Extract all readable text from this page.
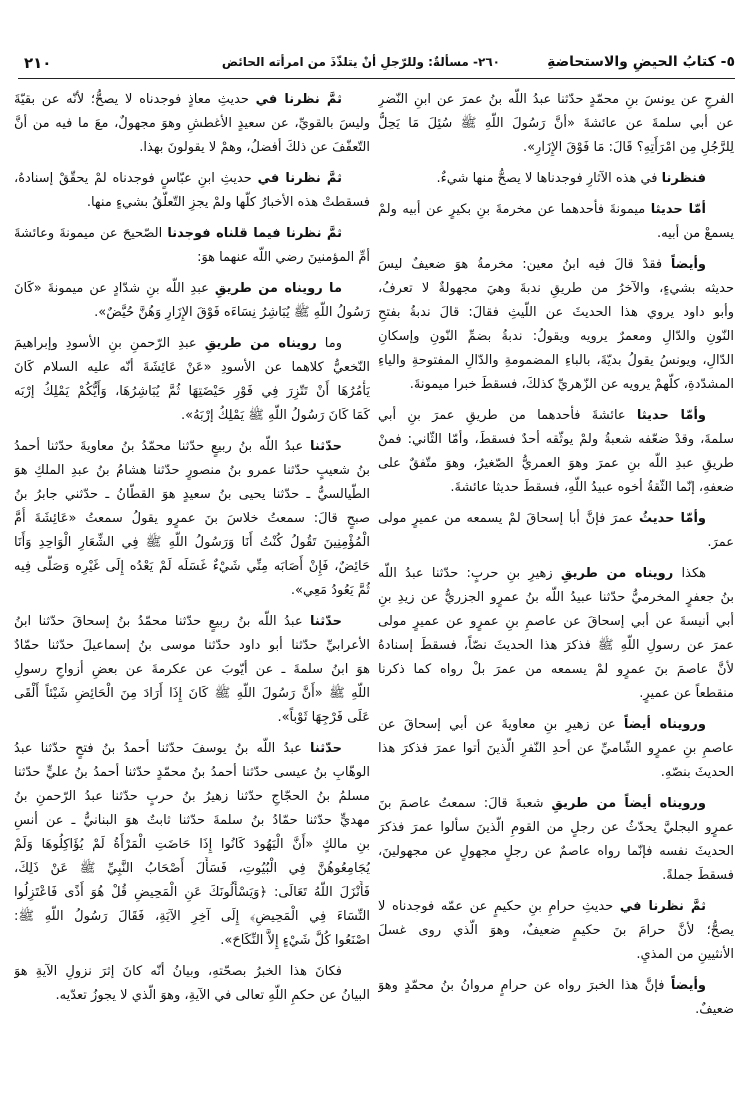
٥- كتابُ الحيضِ والاستحاضةِ
٢٦٠- مسألةٌ: وللرّجلِ أنْ يتلذّذَ من امرأته الحائض
٢١٠
الفرجِ عن يونسَ بنِ محمّدٍ حدّثنا عبدُ اللّه بنُ عمرَ عن ابنِ النّضرِ
عن أبي سلمةَ عن عائشةَ «أنَّ رَسُولَ اللّهِ ﷺ سُئِلَ مَا يَحِلُّ
لِلرَّجُلِ مِن امْرَأَتِهِ؟ قَالَ: مَا فَوْقَ الإِزَارِ».
فنظرنا في هذه الآثارِ فوجدناها لا يصحُّ منها شيءٌ.
أمّا حديثا ميمونةَ فأحدهما عن مخرمةَ بنِ بكيرٍ عن أبيه ولمْ
يسمعْ من أبيه.
وأيضاً فقدْ قالَ فيه ابنُ معين: مخرمةُ هوَ ضعيفٌ ليسَ
حديثه بشيءٍ، والآخرُ من طريقِ ندبةَ وهيَ مجهولةٌ لا تعرفُ،
وأبو داود يروي هذا الحديثَ عن اللّيثِ فقالَ: قالَ ندبةُ بفتحِ
النّونِ والدّالِ ومعمرٌ يرويه ويقولُ: ندبةُ بضمِّ النّونِ وإسكانِ
الدّالِ، ويونسُ يقولُ بديّةَ، بالباءِ المضمومةِ والدّالِ المفتوحةِ والياءِ
المشدّدةِ، كلّهمْ يرويه عن الزّهريِّ كذلكَ، فسقطَ خبرا ميمونةَ.
وأمّا حديثا عائشةَ فأحدهما من طريقِ عمرَ بنِ أبي
سلمةَ، وقدْ ضعّفه شعبةُ ولمْ يوثّقه أحدٌ فسقطَ، وأمّا الثّاني: فمنْ
طريقِ عبدِ اللّه بنِ عمرَ وهوَ العمريُّ الصّغيرُ، وهوَ متّفقٌ على
ضعفهِ، إنّما الثّقةُ أخوه عبيدُ اللّهِ، فسقطَ حديثا عائشةَ.
وأمّا حديثُ عمرَ فإنَّ أبا إسحاقَ لمْ يسمعه من عميرٍ مولى
عمرَ.
هكذا رويناه من طريقِ زهيرِ بنِ حربٍ: حدّثنا عبدُ اللّه
بنُ جعفرٍ المخرميُّ حدّثنا عبيدُ اللّه بنُ عمرٍو الجزريُّ عن زيدِ بنِ
أبي أنيسةَ عن أبي إسحاقَ عن عاصمِ بنِ عمرٍو عن عميرٍ مولى
عمرَ عن رسولِ اللّهِ ﷺ فذكرَ هذا الحديثَ نصّاً، فسقطَ إسنادهُ
لأنَّ عاصمَ بنَ عمرٍو لمْ يسمعه من عمرَ بلْ رواه كما ذكرنا
منقطعاً عن عميرٍ.
ورويناه أيضاً عن زهيرِ بنِ معاويةَ عن أبي إسحاقَ عن
عاصمِ بنِ عمرٍو الشّاميِّ عن أحدِ النّفرِ الّذينَ أتوا عمرَ فذكرَ هذا
الحديثَ بنصّهِ.
ورويناه أيضاً من طريقِ شعبةَ قالَ: سمعتُ عاصمَ بنَ
عمرٍو البجليَّ يحدّثُ عن رجلٍ من القومِ الّذينَ سألوا عمرَ فذكرَ
الحديثَ نفسه فإنّما رواه عاصمٌ عن رجلٍ مجهولٍ عن مجهولينَ،
فسقطَ جملةً.
ثمَّ نظرنا في حديثِ حرامِ بنِ حكيمٍ عن عمّه فوجدناه لا
يصحُّ؛ لأنَّ حرامَ بنَ حكيمٍ ضعيفٌ، وهوَ الّذي روى غسلَ
الأنثيينِ من المذيِ.
وأيضاً فإنَّ هذا الخبرَ رواه عن حرامٍ مروانُ بنُ محمّدٍ وهوَ
ضعيفٌ.
ثمَّ نظرنا في حديثِ معاذٍ فوجدناه لا يصحُّ؛ لأنّه عن بقيّةَ
وليسَ بالقويِّ، عن سعيدٍ الأغطشِ وهوَ مجهولٌ، معَ ما فيه من أنَّ
التّعفّفَ عن ذلكَ أفضلُ، وهمْ لا يقولونَ بهذا.
ثمَّ نظرنا في حديثِ ابنِ عبّاسٍ فوجدناه لمْ يحقّقْ إسنادهُ،
فسقطتْ هذه الأخبارُ كلّها ولمْ يجزِ التّعلّقُ بشيءٍ منها.
ثمَّ نظرنا فيما قلناه فوجدنا الصّحيحَ عن ميمونةَ وعائشةَ
أمِّ المؤمنينَ رضي اللّه عنهما هوَ:
ما رويناه من طريقِ عبدِ اللّه بنِ شدّادٍ عن ميمونةَ «كَانَ
رَسُولُ اللّهِ ﷺ يُبَاشِرُ نِسَاءَه فَوْقَ الإِزَارِ وَهُنَّ حُيَّضٌ».
وما رويناه من طريقِ عبدِ الرّحمنِ بنِ الأسودِ وإبراهيمَ
النّخعيُّ كلاهما عن الأسودِ «عَنْ عَائِشَةَ أنّه عليه السلام كَانَ
يَأْمُرُهَا أَنْ تَتّزِرَ فِي فَوْرِ حَيْضَتِهَا ثُمَّ يُبَاشِرُهَا، وَأَيُّكُمْ يَمْلِكُ إرْبَه
كَمَا كَانَ رَسُولُ اللّهِ ﷺ يَمْلِكُ إرْبَهُ».
حدّثنا عبدُ اللّه بنُ ربيعٍ حدّثنا محمّدُ بنُ معاويةَ حدّثنا أحمدُ
بنُ شعيبٍ حدّثنا عمرو بنُ منصورٍ حدّثنا هشامُ بنُ عبدِ الملكِ هوَ
الطّيالسيُّ ـ حدّثنا يحيى بنُ سعيدٍ هوَ القطّانُ ـ حدّثني جابرُ بنُ
صبحٍ قالَ: سمعتُ خلاسَ بنَ عمرٍو يقولُ سمعتُ «عَائِشَةَ أُمَّ
الْمُؤْمِنِينَ تَقُولُ كُنْتُ أَنَا وَرَسُولُ اللّهِ ﷺ فِي الشِّعَارِ الْوَاحِدِ وَأَنَا
حَائِضٌ، فَإِنْ أَصَابَه مِنِّي شَيْءٌ غَسَلَه لَمْ يَعْدُه إِلَى غَيْرِه وَصَلَّى فِيه
ثُمَّ يَعُودُ مَعِي».
حدّثنا عبدُ اللّه بنُ ربيعٍ حدّثنا محمّدُ بنُ إسحاقَ حدّثنا ابنُ
الأعرابيِّ حدّثنا أبو داود حدّثنا موسى بنُ إسماعيلَ حدّثنا حمّادٌ
هوَ ابنُ سلمةَ ـ عن أيّوبَ عن عكرمةَ عن بعضِ أزواجِ رسولِ
اللّهِ ﷺ «أَنَّ رَسُولَ اللّهِ ﷺ كَانَ إِذَا أَرَادَ مِنَ الْحَائِضِ شَيْئاً أَلْقَى
عَلَى فَرْجِهَا ثَوْباً».
حدّثنا عبدُ اللّه بنُ يوسفَ حدّثنا أحمدُ بنُ فتحٍ حدّثنا عبدُ
الوهّابِ بنُ عيسى حدّثنا أحمدُ بنُ محمّدٍ حدّثنا أحمدُ بنُ عليٍّ حدّثنا
مسلمُ بنُ الحجّاجِ حدّثنا زهيرُ بنُ حربٍ حدّثنا عبدُ الرّحمنِ بنُ
مهديٍّ حدّثنا حمّادُ بنُ سلمةَ حدّثنا ثابتٌ هوَ البنانيُّ ـ عن أنسِ
بنِ مالكٍ «أَنَّ الْيَهُودَ كَانُوا إِذَا حَاضَتِ الْمَرْأَةُ لَمْ يُؤَاكِلُوهَا وَلَمْ
يُجَامِعُوهُنَّ فِي الْبُيُوتِ، فَسَأَلَ أَصْحَابُ النَّبِيِّ ﷺ عَنْ ذَلِكَ،
فَأَنْزَلَ اللّهُ تَعَالَى: ﴿وَيَسْأَلُونَكَ عَنِ الْمَحِيضِ قُلْ هُوَ أَذًى فَاعْتَزِلُوا
النِّسَاءَ فِي الْمَحِيضِ﴾ إِلَى آخِرِ الآيَةِ، فَقَالَ رَسُولُ اللّهِ ﷺ:
اصْنَعُوا كُلَّ شَيْءٍ إِلاَّ النِّكَاحَ».
فكانَ هذا الخبرُ بصحّتهِ، وبيانُ أنّه كانَ إثرَ نزولِ الآيةِ هوَ
البيانُ عن حكمِ اللّهِ تعالى في الآيةِ، وهوَ الّذي لا يجوزُ تعدّيه.
